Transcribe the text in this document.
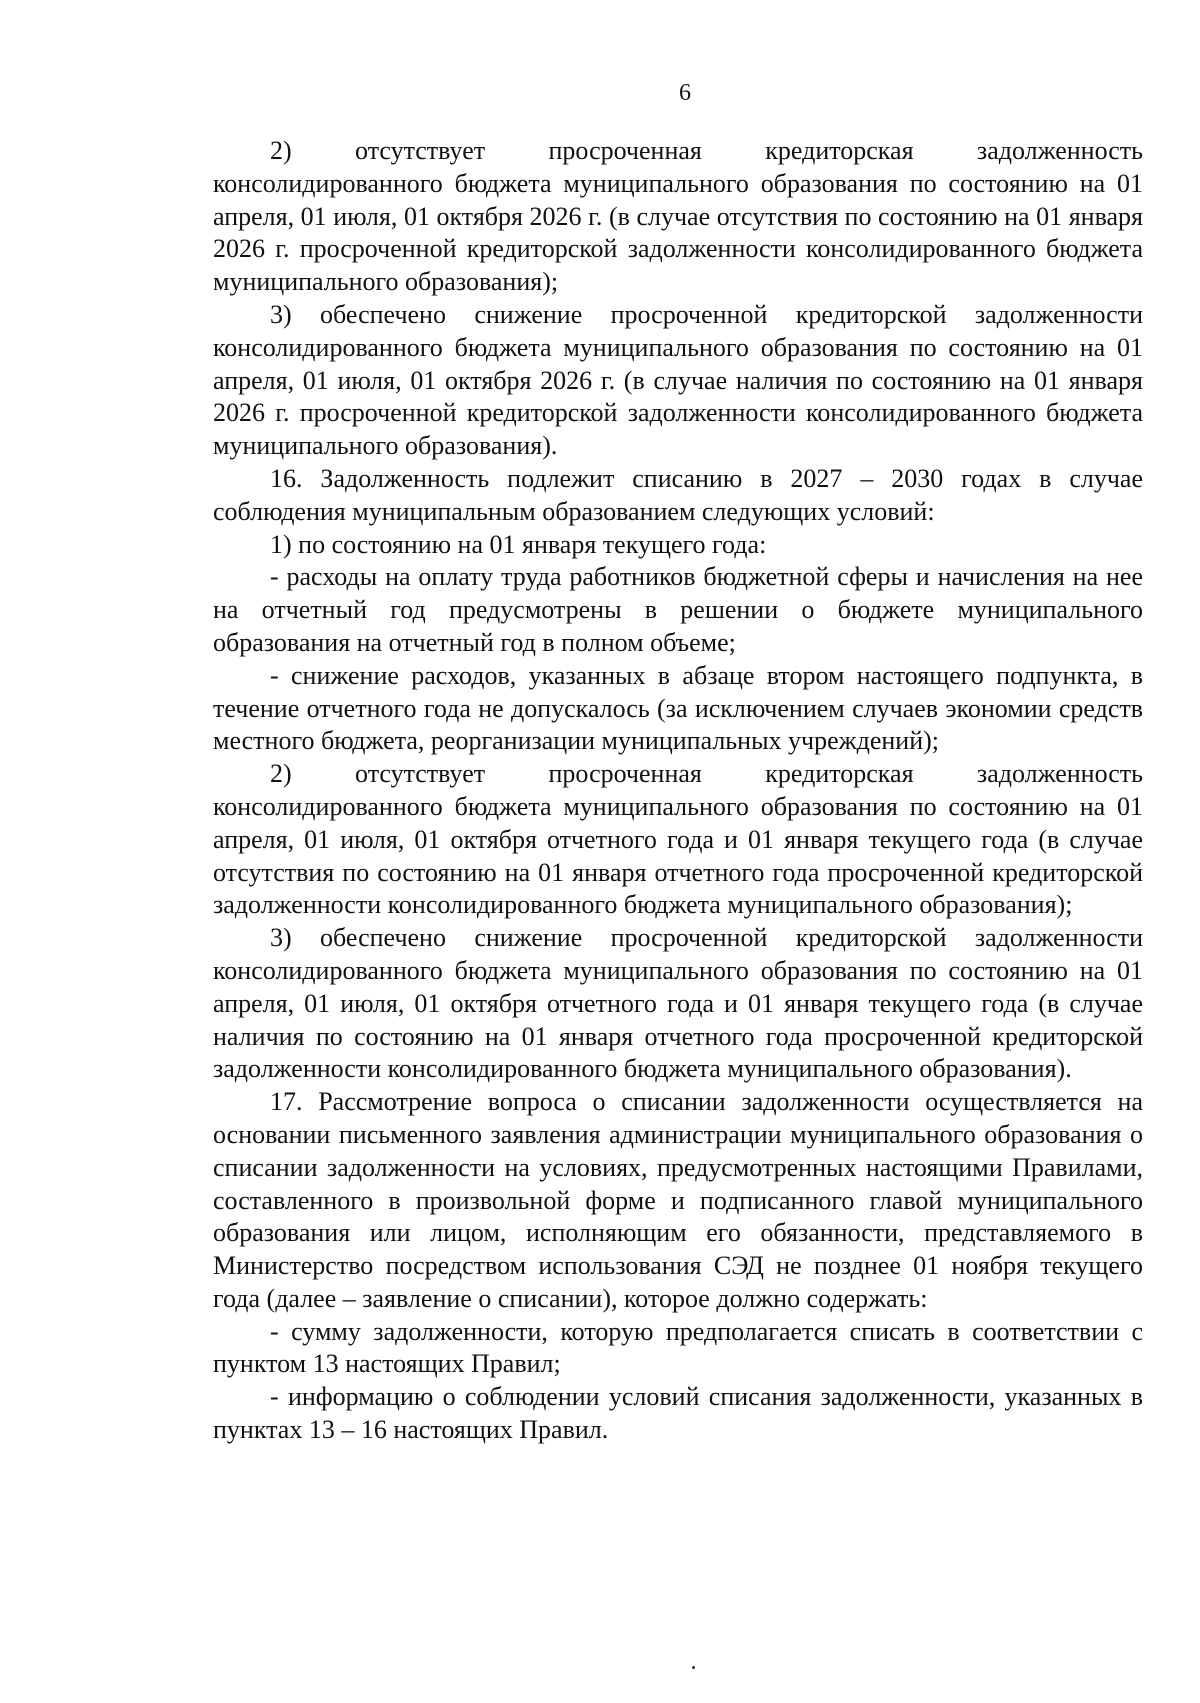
6

2) отсутствует просроченная кредиторская задолженность консолидированного бюджета муниципального образования по состоянию на 01 апреля, 01 июля, 01 октября 2026 г. (в случае отсутствия по состоянию на 01 января 2026 г. просроченной кредиторской задолженности консолидированного бюджета муниципального образования);

3) обеспечено снижение просроченной кредиторской задолженности консолидированного бюджета муниципального образования по состоянию на 01 апреля, 01 июля, 01 октября 2026 г. (в случае наличия по состоянию на 01 января 2026 г. просроченной кредиторской задолженности консолидированного бюджета муниципального образования).

16. Задолженность подлежит списанию в 2027 – 2030 годах в случае соблюдения муниципальным образованием следующих условий:

1) по состоянию на 01 января текущего года:

- расходы на оплату труда работников бюджетной сферы и начисления на нее на отчетный год предусмотрены в решении о бюджете муниципального образования на отчетный год в полном объеме;

- снижение расходов, указанных в абзаце втором настоящего подпункта, в течение отчетного года не допускалось (за исключением случаев экономии средств местного бюджета, реорганизации муниципальных учреждений);

2) отсутствует просроченная кредиторская задолженность консолидированного бюджета муниципального образования по состоянию на 01 апреля, 01 июля, 01 октября отчетного года и 01 января текущего года (в случае отсутствия по состоянию на 01 января отчетного года просроченной кредиторской задолженности консолидированного бюджета муниципального образования);

3) обеспечено снижение просроченной кредиторской задолженности консолидированного бюджета муниципального образования по состоянию на 01 апреля, 01 июля, 01 октября отчетного года и 01 января текущего года (в случае наличия по состоянию на 01 января отчетного года просроченной кредиторской задолженности консолидированного бюджета муниципального образования).

17. Рассмотрение вопроса о списании задолженности осуществляется на основании письменного заявления администрации муниципального образования о списании задолженности на условиях, предусмотренных настоящими Правилами, составленного в произвольной форме и подписанного главой муниципального образования или лицом, исполняющим его обязанности, представляемого в Министерство посредством использования СЭД не позднее 01 ноября текущего года (далее – заявление о списании), которое должно содержать:

- сумму задолженности, которую предполагается списать в соответствии с пунктом 13 настоящих Правил;

- информацию о соблюдении условий списания задолженности, указанных в пунктах 13 – 16 настоящих Правил.
